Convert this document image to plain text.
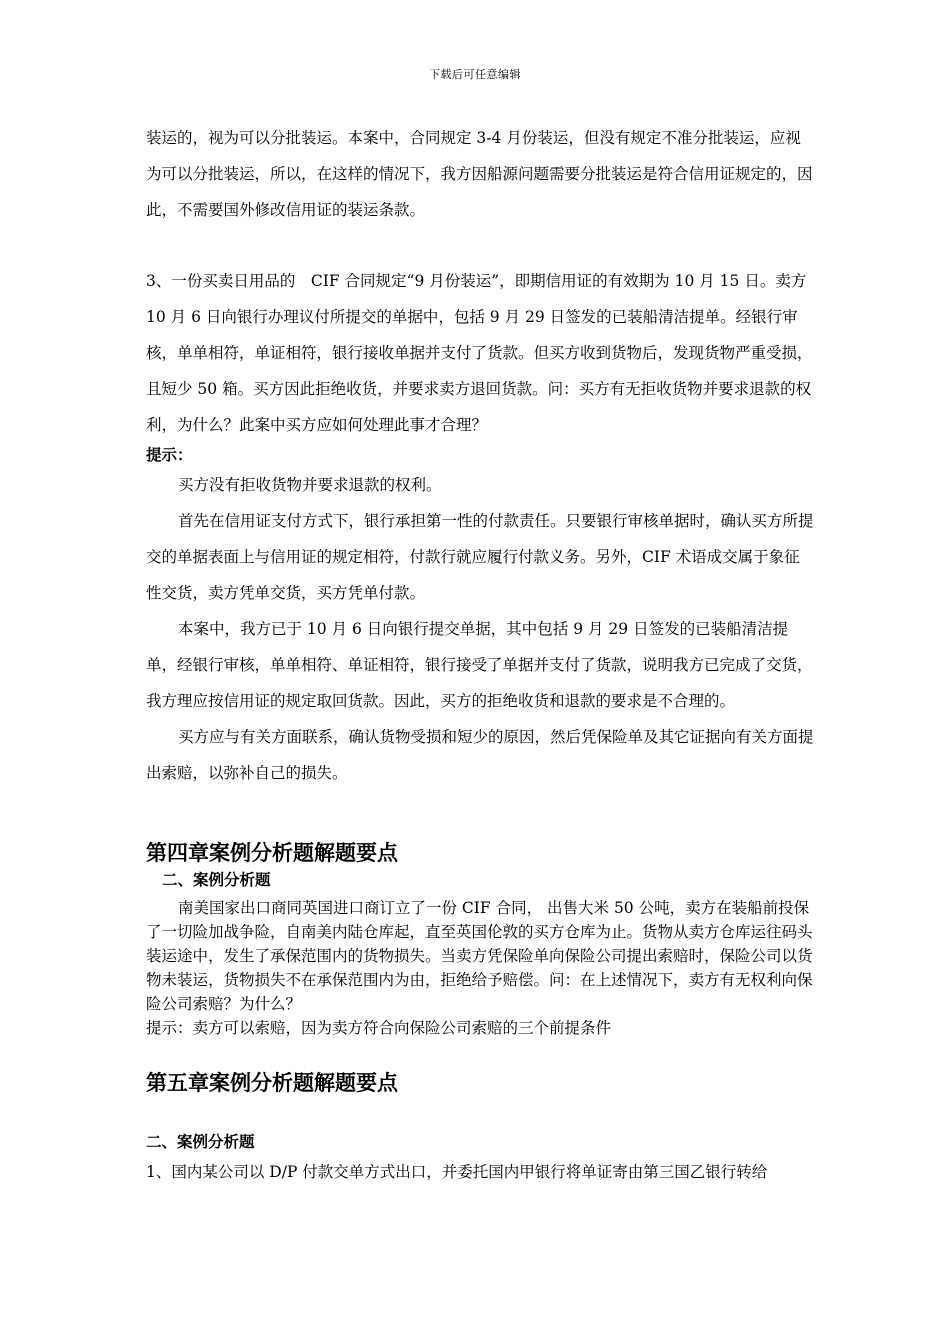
下载后可任意编辑

装运的，视为可以分批装运。本案中，合同规定 3-4 月份装运，但没有规定不准分批装运，应视为可以分批装运，所以，在这样的情况下，我方因船源问题需要分批装运是符合信用证规定的，因此，不需要国外修改信用证的装运条款。

3、一份买卖日用品的　CIF 合同规定“9 月份装运”，即期信用证的有效期为 10 月 15 日。卖方 10 月 6 日向银行办理议付所提交的单据中，包括 9 月 29 日签发的已装船清洁提单。经银行审核，单单相符，单证相符，银行接收单据并支付了货款。但买方收到货物后，发现货物严重受损，且短少 50 箱。买方因此拒绝收货，并要求卖方退回货款。问：买方有无拒收货物并要求退款的权利，为什么？此案中买方应如何处理此事才合理？

提示：

买方没有拒收货物并要求退款的权利。

首先在信用证支付方式下，银行承担第一性的付款责任。只要银行审核单据时，确认买方所提交的单据表面上与信用证的规定相符，付款行就应履行付款义务。另外，CIF 术语成交属于象征性交货，卖方凭单交货，买方凭单付款。

本案中，我方已于 10 月 6 日向银行提交单据，其中包括 9 月 29 日签发的已装船清洁提单，经银行审核，单单相符、单证相符，银行接受了单据并支付了货款，说明我方已完成了交货，我方理应按信用证的规定取回货款。因此，买方的拒绝收货和退款的要求是不合理的。

买方应与有关方面联系，确认货物受损和短少的原因，然后凭保险单及其它证据向有关方面提出索赔，以弥补自己的损失。

第四章案例分析题解题要点

二、案例分析题

南美国家出口商同英国进口商订立了一份 CIF 合同， 出售大米 50 公吨，卖方在装船前投保了一切险加战争险，自南美内陆仓库起，直至英国伦敦的买方仓库为止。货物从卖方仓库运往码头装运途中，发生了承保范围内的货物损失。当卖方凭保险单向保险公司提出索赔时，保险公司以货物未装运，货物损失不在承保范围内为由，拒绝给予赔偿。问：在上述情况下，卖方有无权利向保险公司索赔？为什么？

提示：卖方可以索赔，因为卖方符合向保险公司索赔的三个前提条件

第五章案例分析题解题要点

二、案例分析题

1、国内某公司以 D/P 付款交单方式出口，并委托国内甲银行将单证寄由第三国乙银行转给
